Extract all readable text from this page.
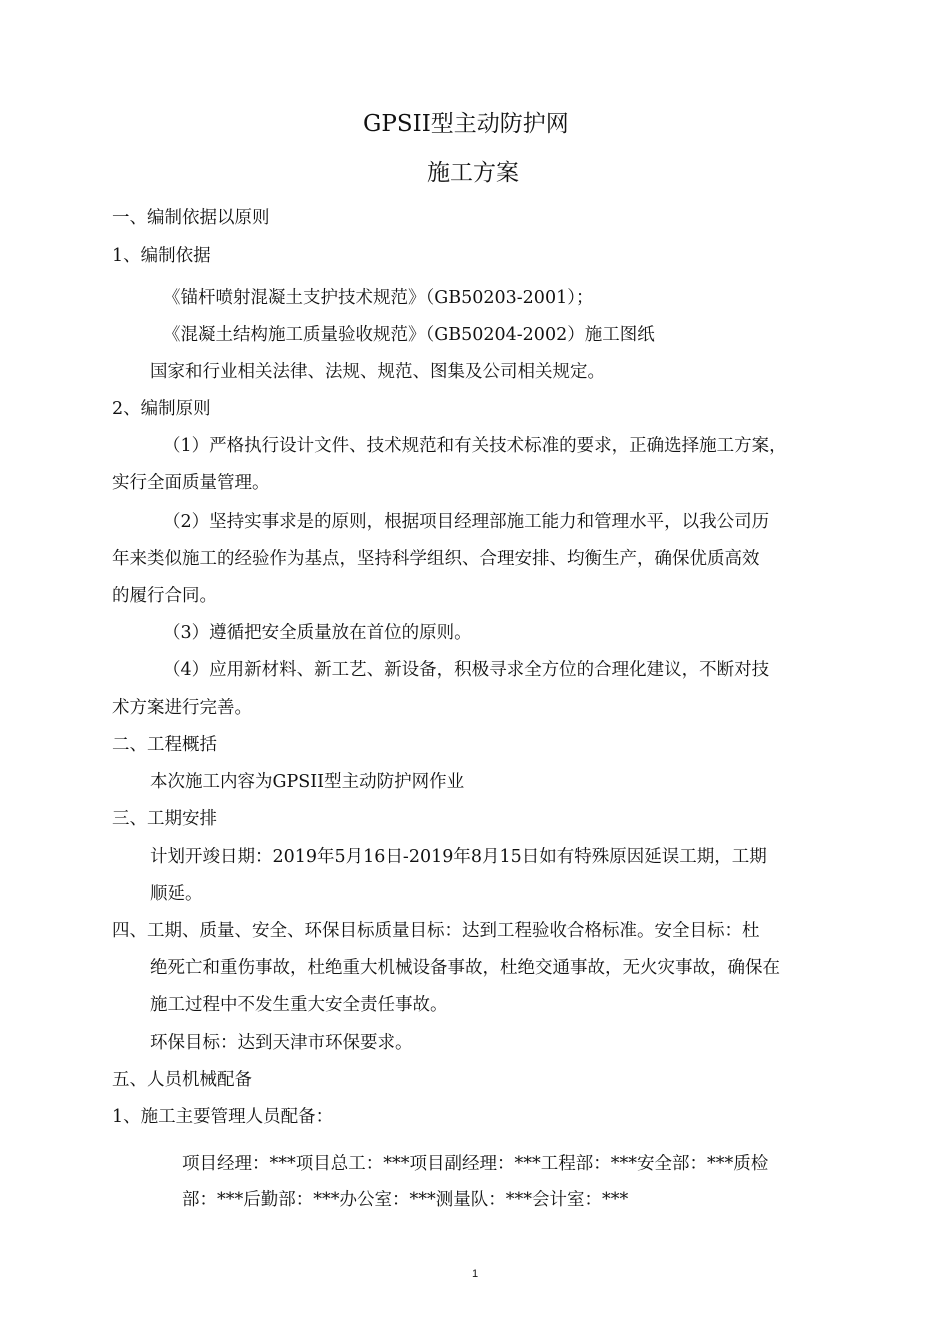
GPSII型主动防护网
施工方案
一、编制依据以原则
1、编制依据
《锚杆喷射混凝土支护技术规范》（GB50203-2001）；
《混凝土结构施工质量验收规范》（GB50204-2002）施工图纸
国家和行业相关法律、法规、规范、图集及公司相关规定。
2、编制原则
（1）严格执行设计文件、技术规范和有关技术标准的要求，正确选择施工方案，
实行全面质量管理。
（2）坚持实事求是的原则，根据项目经理部施工能力和管理水平，以我公司历
年来类似施工的经验作为基点，坚持科学组织、合理安排、均衡生产，确保优质高效
的履行合同。
（3）遵循把安全质量放在首位的原则。
（4）应用新材料、新工艺、新设备，积极寻求全方位的合理化建议，不断对技
术方案进行完善。
二、工程概括
本次施工内容为GPSII型主动防护网作业
三、工期安排
计划开竣日期：2019年5月16日-2019年8月15日如有特殊原因延误工期，工期
顺延。
四、工期、质量、安全、环保目标质量目标：达到工程验收合格标准。安全目标：杜
绝死亡和重伤事故，杜绝重大机械设备事故，杜绝交通事故，无火灾事故，确保在
施工过程中不发生重大安全责任事故。
环保目标：达到天津市环保要求。
五、人员机械配备
1、施工主要管理人员配备：
项目经理：***项目总工：***项目副经理：***工程部：***安全部：***质检
部：***后勤部：***办公室：***测量队：***会计室：***
1
